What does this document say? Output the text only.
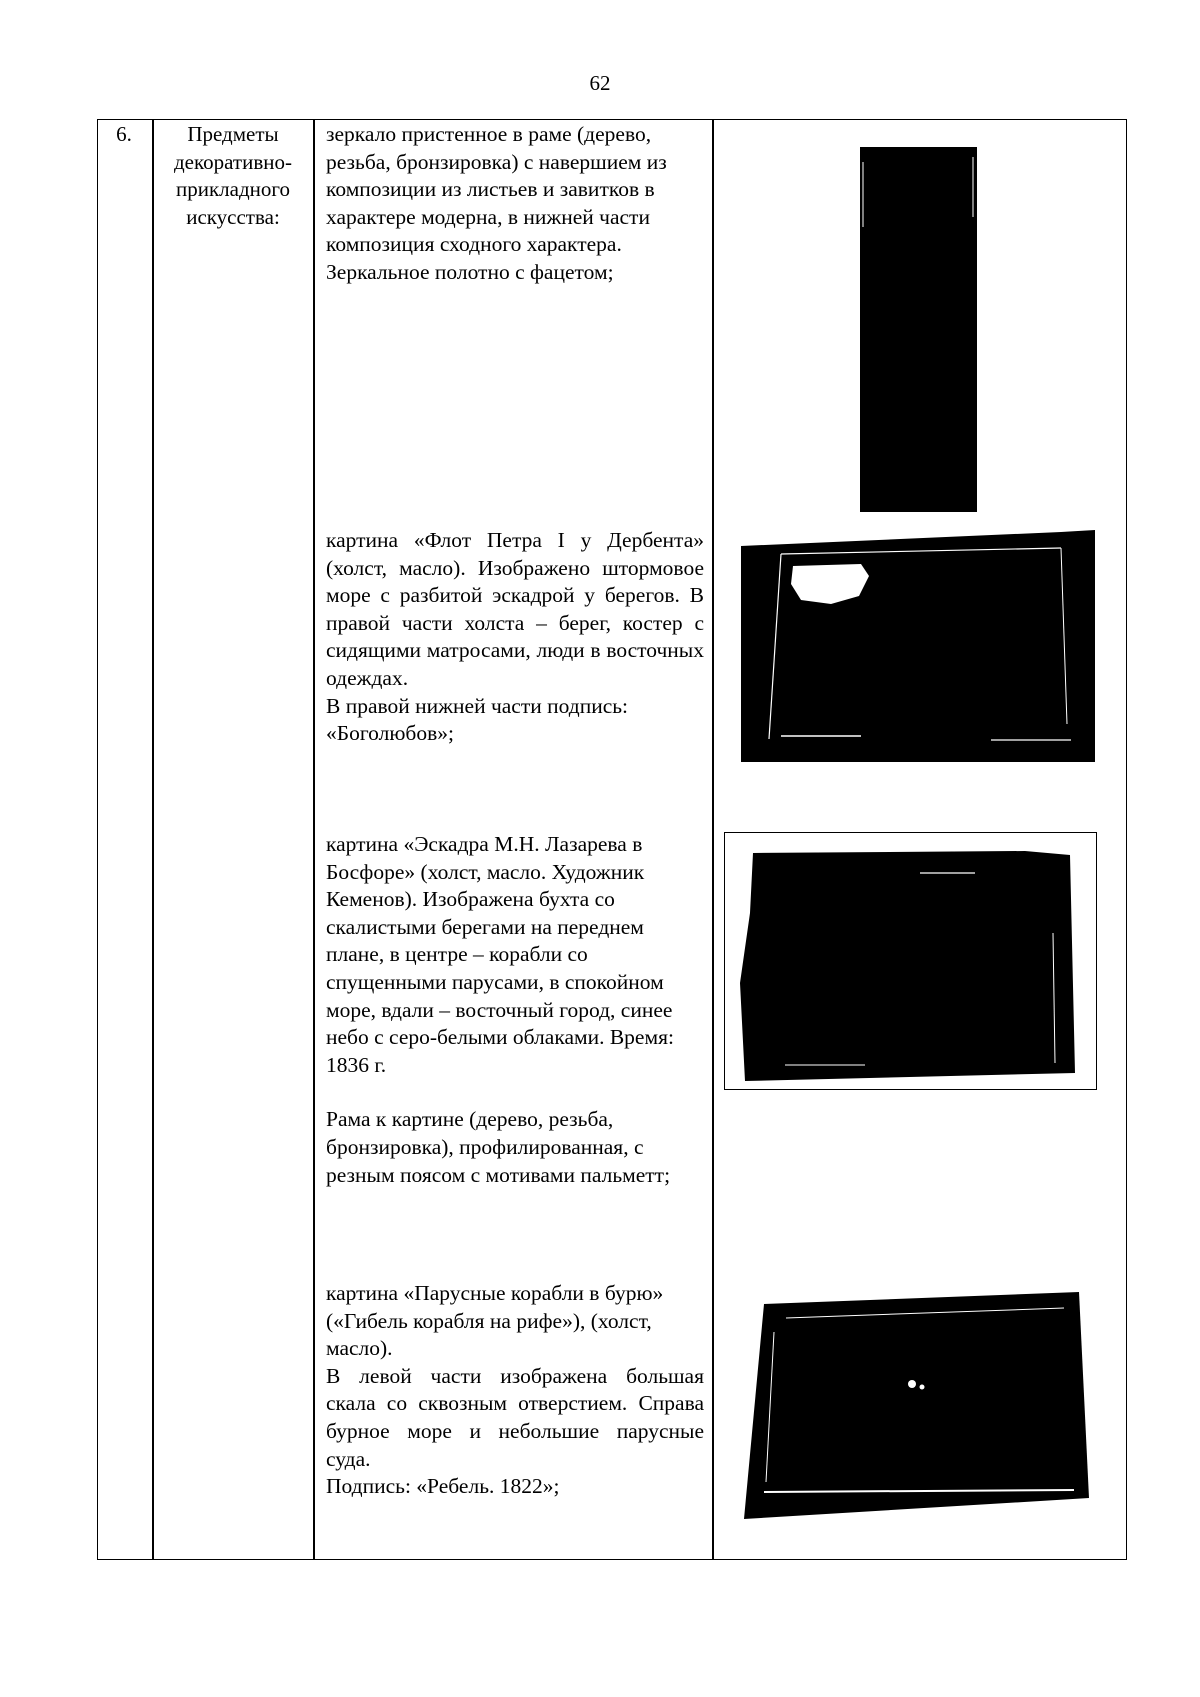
62
6.	Предметы декоративно-прикладного искусства:

зеркало пристенное в раме (дерево, резьба, бронзировка) с навершием из композиции из листьев и завитков в характере модерна, в нижней части композиция сходного характера. Зеркальное полотно с фацетом;

картина «Флот Петра I у Дербента» (холст, масло). Изображено штормовое море с разбитой эскадрой у берегов. В правой части холста – берег, костер с сидящими матросами, люди в восточных одеждах.

В правой нижней части подпись: «Боголюбов»;

картина «Эскадра М.Н. Лазарева в Босфоре» (холст, масло. Художник Кеменов). Изображена бухта со скалистыми берегами на переднем плане, в центре – корабли со спущенными парусами, в спокойном море, вдали – восточный город, синее небо с серо-белыми облаками. Время: 1836 г.

Рама к картине (дерево, резьба, бронзировка), профилированная, с резным поясом с мотивами пальметт;

картина «Парусные корабли в бурю» («Гибель корабля на рифе»), (холст, масло).

В левой части изображена большая скала со сквозным отверстием. Справа бурное море и небольшие парусные суда.

Подпись: «Ребель. 1822»;
